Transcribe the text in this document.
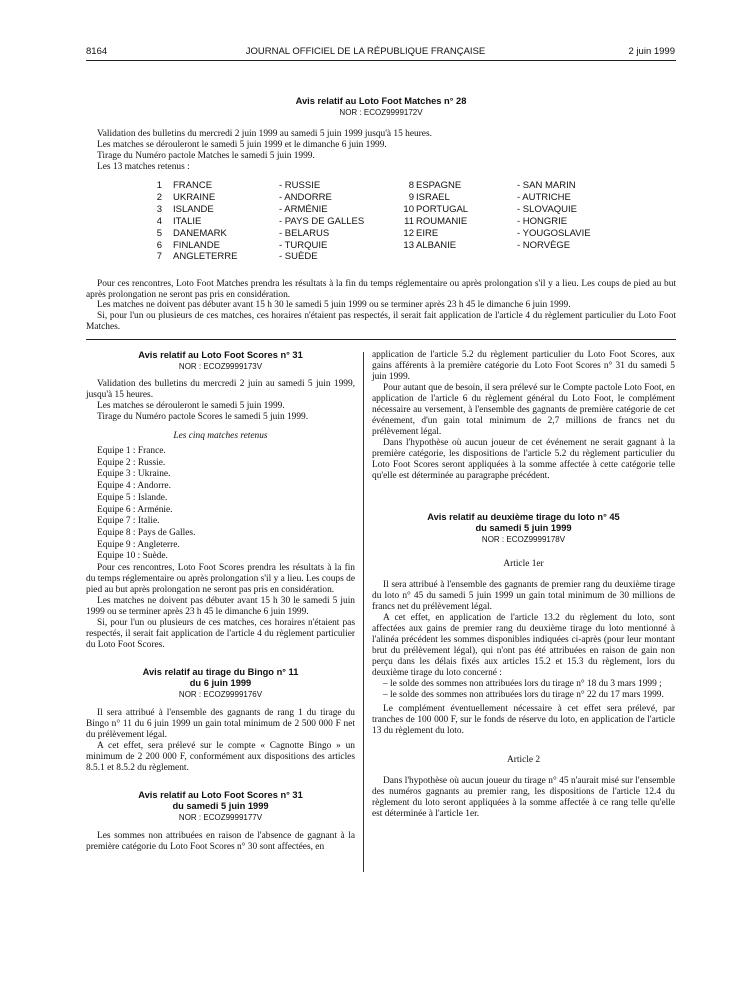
8164	JOURNAL OFFICIEL DE LA RÉPUBLIQUE FRANÇAISE	2 juin 1999
Avis relatif au Loto Foot Matches n° 28
NOR : ECOZ9999172V
Validation des bulletins du mercredi 2 juin 1999 au samedi 5 juin 1999 jusqu'à 15 heures.
Les matches se dérouleront le samedi 5 juin 1999 et le dimanche 6 juin 1999.
Tirage du Numéro pactole Matches le samedi 5 juin 1999.
Les 13 matches retenus :
1 FRANCE	- RUSSIE
2 UKRAINE	- ANDORRE
3 ISLANDE	- ARMÉNIE
4 ITALIE	- PAYS DE GALLES
5 DANEMARK	- BELARUS
6 FINLANDE	- TURQUIE
7 ANGLETERRE	- SUÈDE
8 ESPAGNE	- SAN MARIN
9 ISRAEL	- AUTRICHE
10 PORTUGAL	- SLOVAQUIE
11 ROUMANIE	- HONGRIE
12 EIRE	- YOUGOSLAVIE
13 ALBANIE	- NORVÈGE
Pour ces rencontres, Loto Foot Matches prendra les résultats à la fin du temps réglementaire ou après prolongation s'il y a lieu. Les coups de pied au but après prolongation ne seront pas pris en considération.
Les matches ne doivent pas débuter avant 15 h 30 le samedi 5 juin 1999 ou se terminer après 23 h 45 le dimanche 6 juin 1999.
Si, pour l'un ou plusieurs de ces matches, ces horaires n'étaient pas respectés, il serait fait application de l'article 4 du règlement particulier du Loto Foot Matches.
Avis relatif au Loto Foot Scores n° 31
NOR : ECOZ9999173V
Validation des bulletins du mercredi 2 juin au samedi 5 juin 1999, jusqu'à 15 heures.
Les matches se dérouleront le samedi 5 juin 1999.
Tirage du Numéro pactole Scores le samedi 5 juin 1999.
Les cinq matches retenus
Equipe 1 : France.
Equipe 2 : Russie.
Equipe 3 : Ukraine.
Equipe 4 : Andorre.
Equipe 5 : Islande.
Equipe 6 : Arménie.
Equipe 7 : Italie.
Equipe 8 : Pays de Galles.
Equipe 9 : Angleterre.
Equipe 10 : Suède.
Pour ces rencontres, Loto Foot Scores prendra les résultats à la fin du temps réglementaire ou après prolongation s'il y a lieu. Les coups de pied au but après prolongation ne seront pas pris en considération.
Les matches ne doivent pas débuter avant 15 h 30 le samedi 5 juin 1999 ou se terminer après 23 h 45 le dimanche 6 juin 1999.
Si, pour l'un ou plusieurs de ces matches, ces horaires n'étaient pas respectés, il serait fait application de l'article 4 du règlement particulier du Loto Foot Scores.
Avis relatif au tirage du Bingo n° 11
du 6 juin 1999
NOR : ECOZ9999176V
Il sera attribué à l'ensemble des gagnants de rang 1 du tirage du Bingo n° 11 du 6 juin 1999 un gain total minimum de 2 500 000 F net du prélèvement légal.
A cet effet, sera prélevé sur le compte « Cagnotte Bingo » un minimum de 2 200 000 F, conformément aux dispositions des articles 8.5.1 et 8.5.2 du règlement.
Avis relatif au Loto Foot Scores n° 31
du samedi 5 juin 1999
NOR : ECOZ9999177V
Les sommes non attribuées en raison de l'absence de gagnant à la première catégorie du Loto Foot Scores n° 30 sont affectées, en
application de l'article 5.2 du règlement particulier du Loto Foot Scores, aux gains afférents à la première catégorie du Loto Foot Scores n° 31 du samedi 5 juin 1999.
Pour autant que de besoin, il sera prélevé sur le Compte pactole Loto Foot, en application de l'article 6 du règlement général du Loto Foot, le complément nécessaire au versement, à l'ensemble des gagnants de première catégorie de cet événement, d'un gain total minimum de 2,7 millions de francs net du prélèvement légal.
Dans l'hypothèse où aucun joueur de cet événement ne serait gagnant à la première catégorie, les dispositions de l'article 5.2 du règlement particulier du Loto Foot Scores seront appliquées à la somme affectée à cette catégorie telle qu'elle est déterminée au paragraphe précédent.
Avis relatif au deuxième tirage du loto n° 45
du samedi 5 juin 1999
NOR : ECOZ9999178V
Article 1er
Il sera attribué à l'ensemble des gagnants de premier rang du deuxième tirage du loto n° 45 du samedi 5 juin 1999 un gain total minimum de 30 millions de francs net du prélèvement légal.
A cet effet, en application de l'article 13.2 du règlement du loto, sont affectées aux gains de premier rang du deuxième tirage du loto mentionné à l'alinéa précédent les sommes disponibles indiquées ci-après (pour leur montant brut du prélèvement légal), qui n'ont pas été attribuées en raison de gain non perçu dans les délais fixés aux articles 15.2 et 15.3 du règlement, lors du deuxième tirage du loto concerné :
– le solde des sommes non attribuées lors du tirage n° 18 du 3 mars 1999 ;
– le solde des sommes non attribuées lors du tirage n° 22 du 17 mars 1999.
Le complément éventuellement nécessaire à cet effet sera prélevé, par tranches de 100 000 F, sur le fonds de réserve du loto, en application de l'article 13 du règlement du loto.
Article 2
Dans l'hypothèse où aucun joueur du tirage n° 45 n'aurait misé sur l'ensemble des numéros gagnants au premier rang, les dispositions de l'article 12.4 du règlement du loto seront appliquées à la somme affectée à ce rang telle qu'elle est déterminée à l'article 1er.
